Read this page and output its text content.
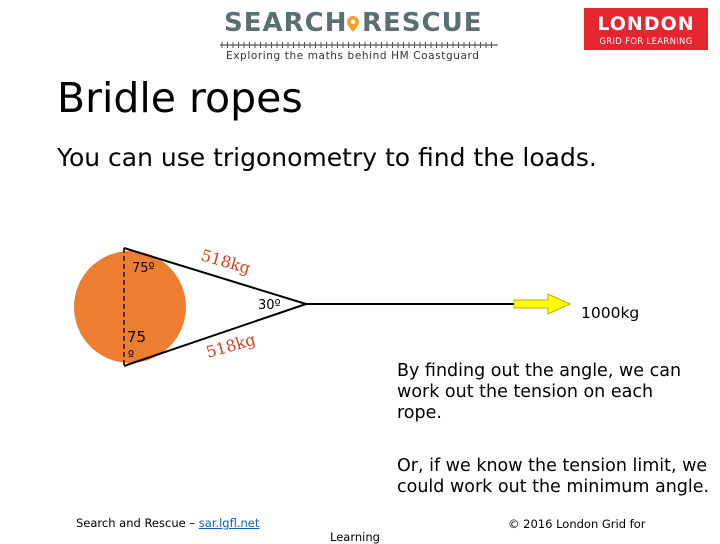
SEARCH RESCUE
Exploring the maths behind HM Coastguard
LONDON
GRID FOR LEARNING
Bridle ropes
You can use trigonometry to find the loads.
75º
75
º
518kg
518kg
30º	1000kg
By finding out the angle, we can work out the tension on each rope.
Or, if we know the tension limit, we could work out the minimum angle.
Search and Rescue – sar.lgfl.net	© 2016 London Grid for
Learning
